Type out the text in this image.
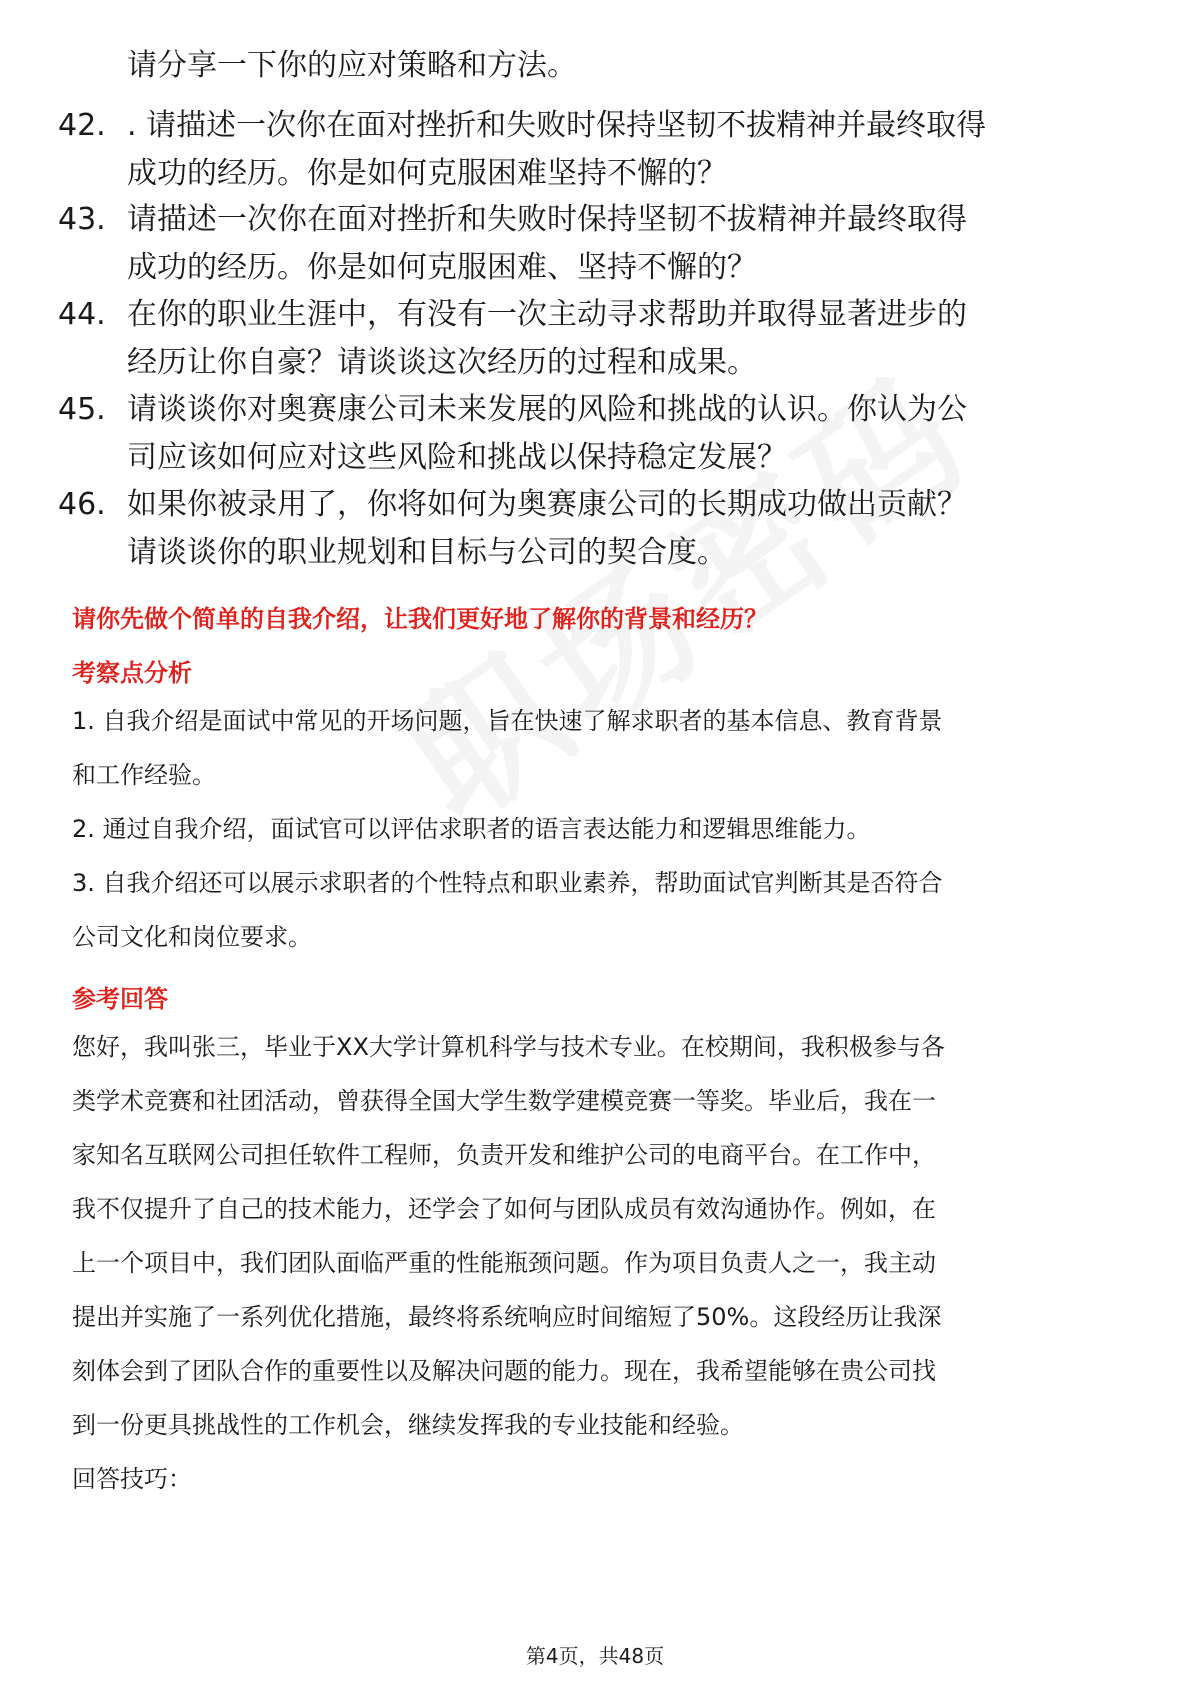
请分享一下你的应对策略和方法。
42. . 请描述一次你在面对挫折和失败时保持坚韧不拔精神并最终取得
成功的经历。你是如何克服困难坚持不懈的？
43. 请描述一次你在面对挫折和失败时保持坚韧不拔精神并最终取得
成功的经历。你是如何克服困难、坚持不懈的？
44. 在你的职业生涯中，有没有一次主动寻求帮助并取得显著进步的
经历让你自豪？请谈谈这次经历的过程和成果。
45. 请谈谈你对奥赛康公司未来发展的风险和挑战的认识。你认为公
司应该如何应对这些风险和挑战以保持稳定发展？
46. 如果你被录用了，你将如何为奥赛康公司的长期成功做出贡献？
请谈谈你的职业规划和目标与公司的契合度。
请你先做个简单的自我介绍，让我们更好地了解你的背景和经历？
考察点分析
1. 自我介绍是面试中常见的开场问题，旨在快速了解求职者的基本信息、教育背景
和工作经验。
2. 通过自我介绍，面试官可以评估求职者的语言表达能力和逻辑思维能力。
3. 自我介绍还可以展示求职者的个性特点和职业素养，帮助面试官判断其是否符合
公司文化和岗位要求。
参考回答
您好，我叫张三，毕业于XX大学计算机科学与技术专业。在校期间，我积极参与各
类学术竞赛和社团活动，曾获得全国大学生数学建模竞赛一等奖。毕业后，我在一
家知名互联网公司担任软件工程师，负责开发和维护公司的电商平台。在工作中，
我不仅提升了自己的技术能力，还学会了如何与团队成员有效沟通协作。例如，在
上一个项目中，我们团队面临严重的性能瓶颈问题。作为项目负责人之一，我主动
提出并实施了一系列优化措施，最终将系统响应时间缩短了50%。这段经历让我深
刻体会到了团队合作的重要性以及解决问题的能力。现在，我希望能够在贵公司找
到一份更具挑战性的工作机会，继续发挥我的专业技能和经验。
回答技巧：
第4页，共48页
